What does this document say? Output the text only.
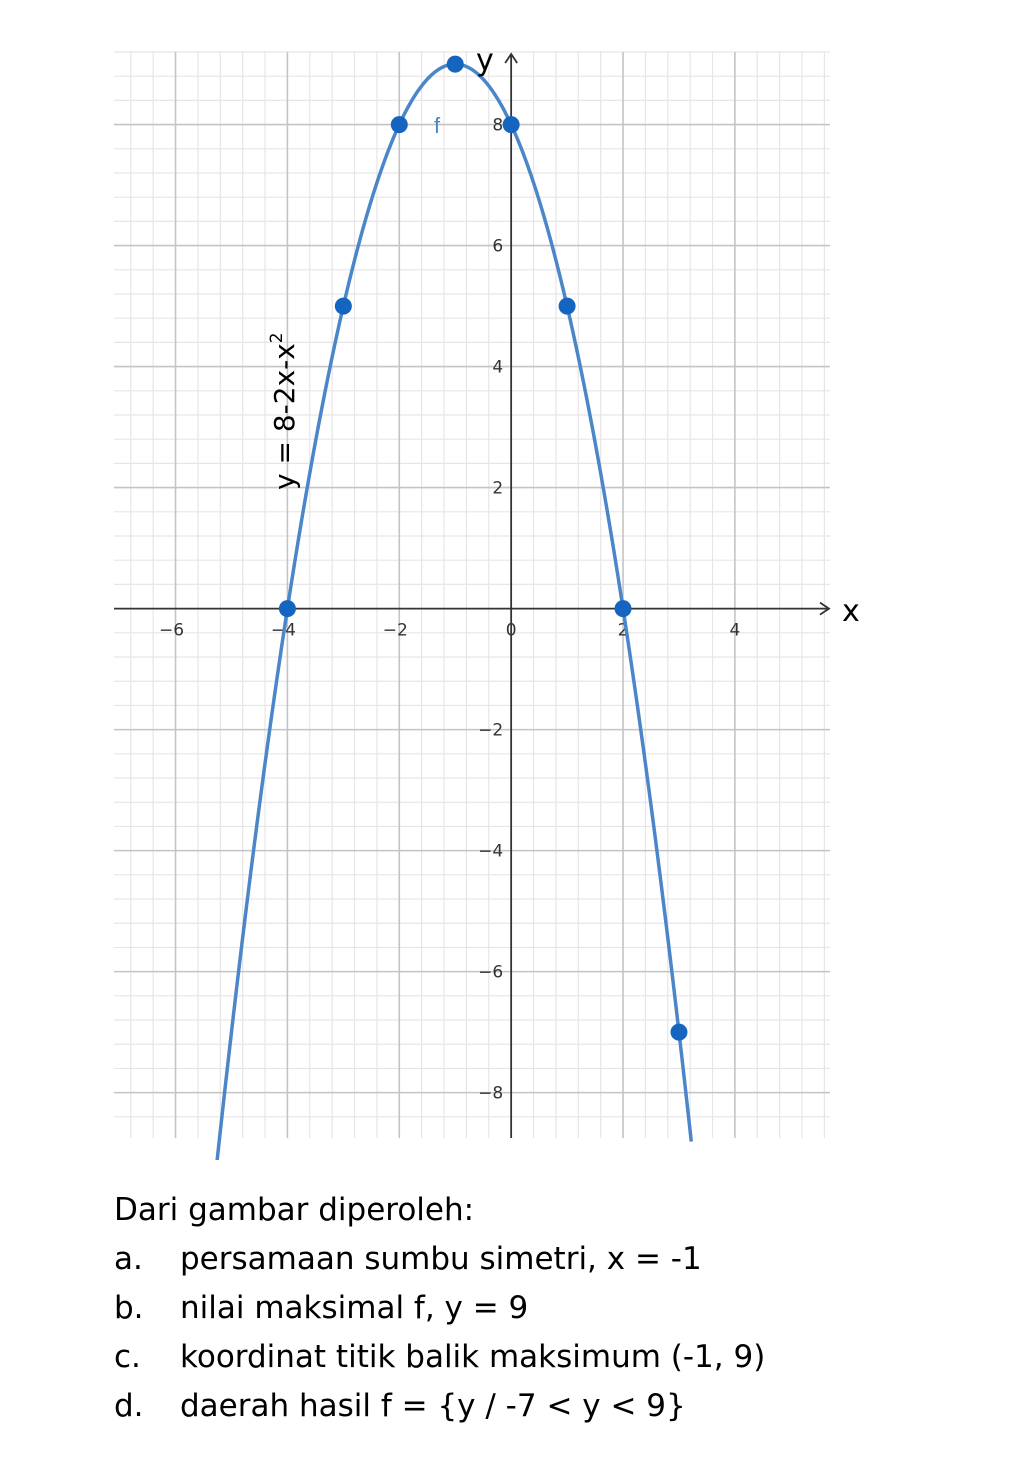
−6	−4	−2	0	2	4
−8
−6
−4
−2
2
4
6
8
f
x
y
$y = 8-2x-x^2$
Dari gambar diperoleh:
a. persamaan sumbu simetri, x = -1
b. nilai maksimal f, y = 9
c. koordinat titik balik maksimum (-1, 9)
d. daerah hasil f = {y / -7 < y < 9}
